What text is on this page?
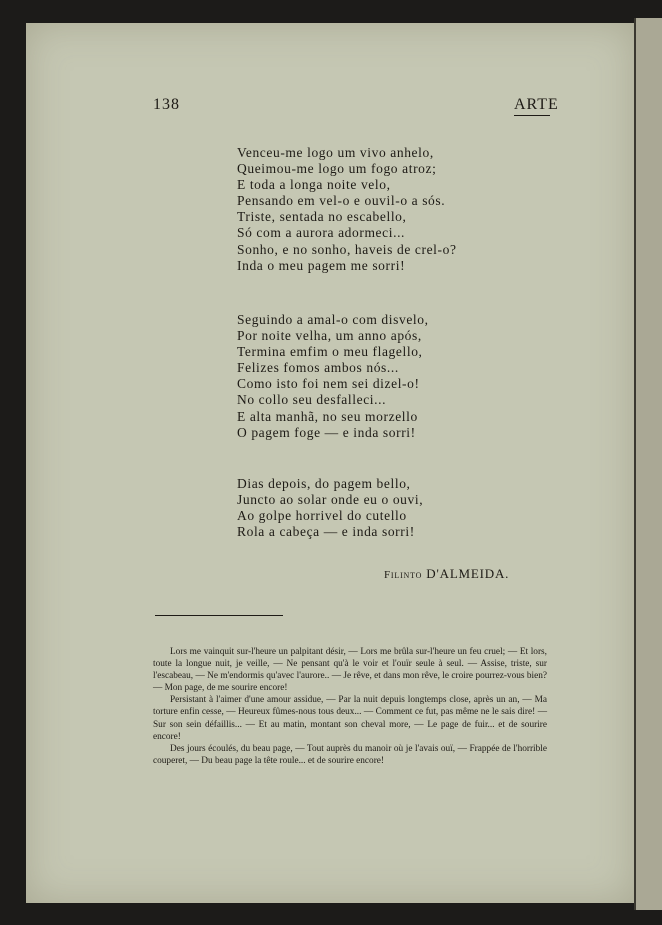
138	ARTE
Venceu-me logo um vivo anhelo,
Queimou-me logo um fogo atroz;
E toda a longa noite velo,
Pensando em vel-o e ouvil-o a sós.
Triste, sentada no escabello,
Só com a aurora adormeci...
Sonho, e no sonho, haveis de crel-o?
Inda o meu pagem me sorri!
Seguindo a amal-o com disvelo,
Por noite velha, um anno após,
Termina emfim o meu flagello,
Felizes fomos ambos nós...
Como isto foi nem sei dizel-o!
No collo seu desfalleci...
E alta manhã, no seu morzello
O pagem foge — e inda sorri!
Dias depois, do pagem bello,
Juncto ao solar onde eu o ouvi,
Ao golpe horrivel do cutello
Rola a cabeça — e inda sorri!
Filinto D'ALMEIDA.

Lors me vainquit sur-l'heure un palpitant désir, — Lors me brûla sur-l'heure un feu cruel; — Et lors, toute la longue nuit, je veille, — Ne pensant qu'à le voir et l'ouïr seule à seul. — Assise, triste, sur l'escabeau, — Ne m'endormis qu'avec l'aurore.. — Je rêve, et dans mon rêve, le croire pourrez-vous bien? — Mon page, de me sourire encore!

Persistant à l'aimer d'une amour assidue, — Par la nuit depuis longtemps close, après un an, — Ma torture enfin cesse, — Heureux fûmes-nous tous deux... — Comment ce fut, pas même ne le sais dire! — Sur son sein défaillis... — Et au matin, montant son cheval more, — Le page de fuir... et de sourire encore!

Des jours écoulés, du beau page, — Tout auprès du manoir où je l'avais ouï, — Frappée de l'horrible couperet, — Du beau page la tête roule... et de sourire encore!
